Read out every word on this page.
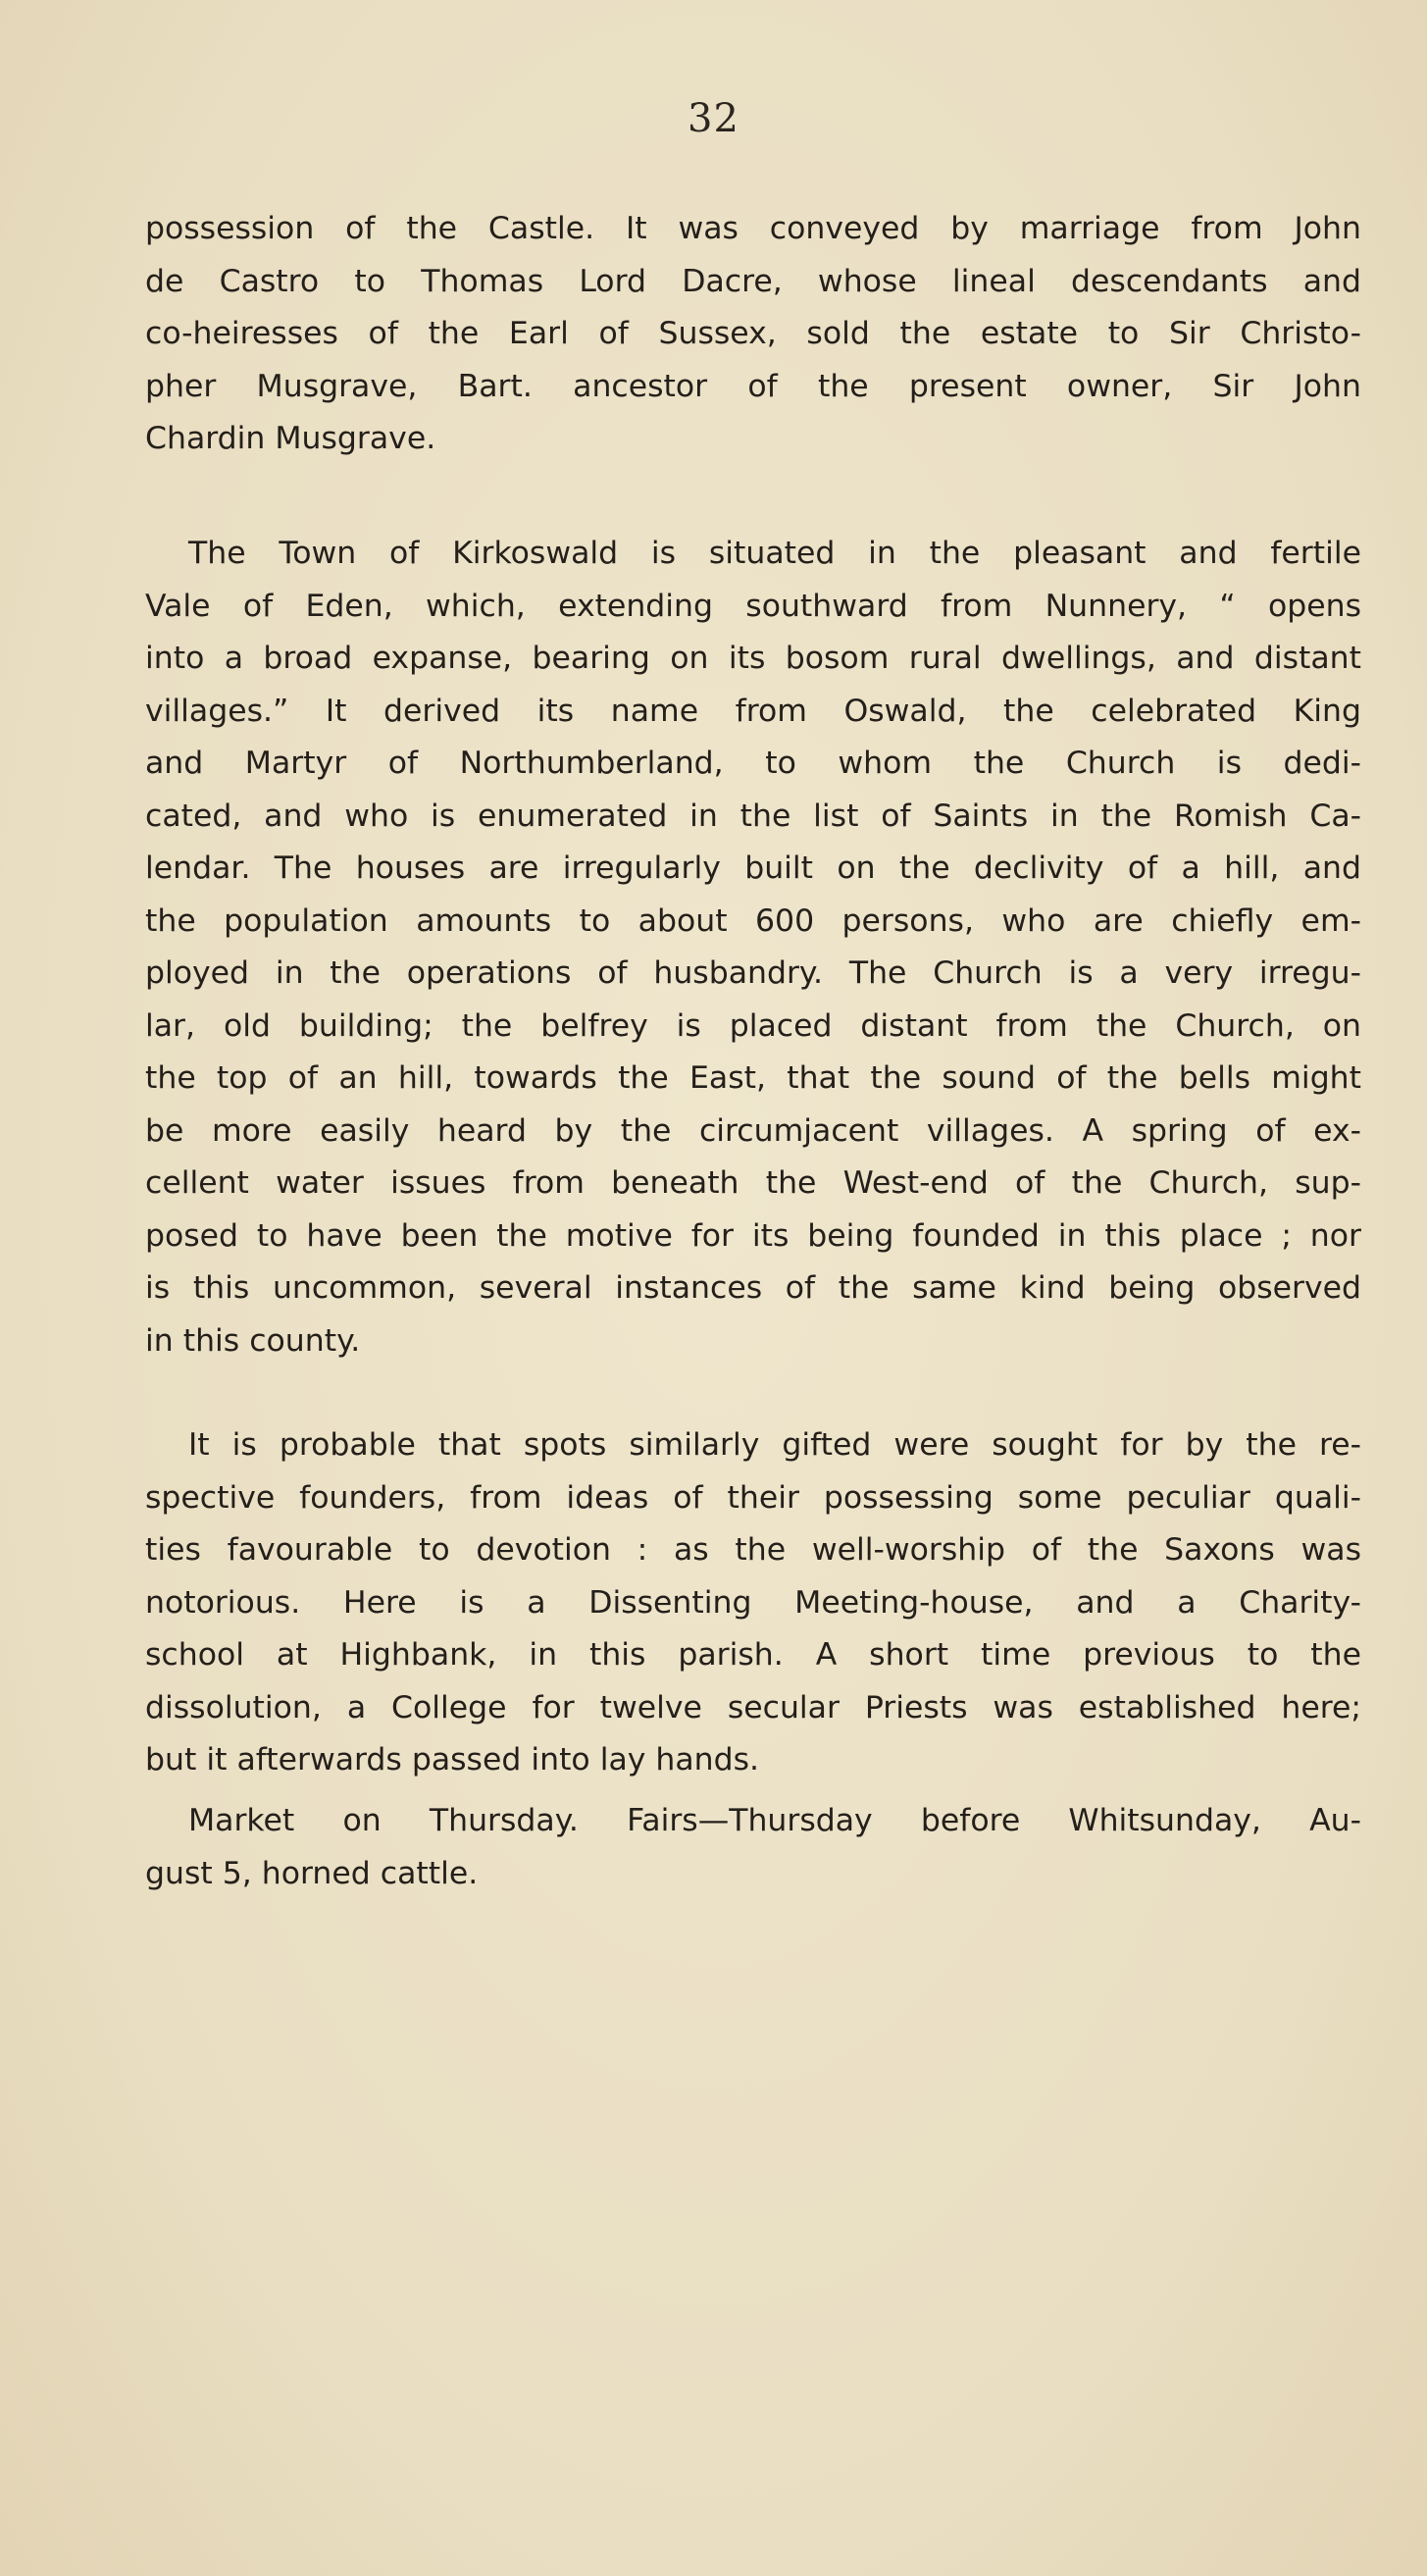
32
possession of the Castle. It was conveyed by marriage from John
de Castro to Thomas Lord Dacre, whose lineal descendants and
co-heiresses of the Earl of Sussex, sold the estate to Sir Christo-
pher Musgrave, Bart. ancestor of the present owner, Sir John
Chardin Musgrave.
The Town of Kirkoswald is situated in the pleasant and fertile
Vale of Eden, which, extending southward from Nunnery, “ opens
into a broad expanse, bearing on its bosom rural dwellings, and distant
villages.” It derived its name from Oswald, the celebrated King
and Martyr of Northumberland, to whom the Church is dedi-
cated, and who is enumerated in the list of Saints in the Romish Ca-
lendar. The houses are irregularly built on the declivity of a hill, and
the population amounts to about 600 persons, who are chiefly em-
ployed in the operations of husbandry. The Church is a very irregu-
lar, old building; the belfrey is placed distant from the Church, on
the top of an hill, towards the East, that the sound of the bells might
be more easily heard by the circumjacent villages. A spring of ex-
cellent water issues from beneath the West-end of the Church, sup-
posed to have been the motive for its being founded in this place ; nor
is this uncommon, several instances of the same kind being observed
in this county.
It is probable that spots similarly gifted were sought for by the re-
spective founders, from ideas of their possessing some peculiar quali-
ties favourable to devotion : as the well-worship of the Saxons was
notorious. Here is a Dissenting Meeting-house, and a Charity-
school at Highbank, in this parish. A short time previous to the
dissolution, a College for twelve secular Priests was established here;
but it afterwards passed into lay hands.
Market on Thursday. Fairs—Thursday before Whitsunday, Au-
gust 5, horned cattle.
